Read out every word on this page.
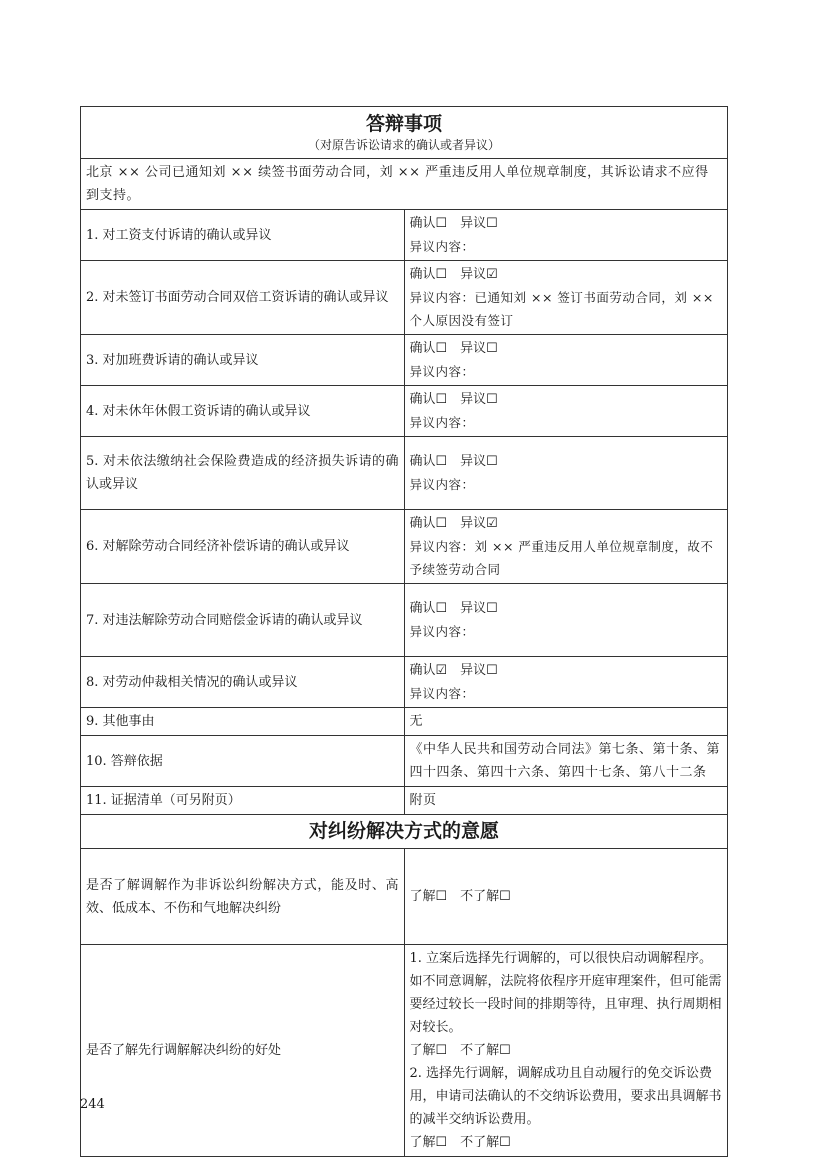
答辩事项
（对原告诉讼请求的确认或者异议）	

北京 ×× 公司已通知刘 ×× 续签书面劳动合同，刘 ×× 严重违反用人单位规章制度，其诉讼请求不应得到支持。	
1. 对工资支付诉请的确认或异议	确认☐　异议☐
异议内容：

2. 对未签订书面劳动合同双倍工资诉请的确认或异议	确认☐　异议☑
异议内容：已通知刘 ×× 签订书面劳动合同，刘 ×× 个人原因没有签订

3. 对加班费诉请的确认或异议	确认☐　异议☐
异议内容：

4. 对未休年休假工资诉请的确认或异议	确认☐　异议☐
异议内容：

5. 对未依法缴纳社会保险费造成的经济损失诉请的确认或异议	确认☐　异议☐
异议内容：

6. 对解除劳动合同经济补偿诉请的确认或异议	确认☐　异议☑
异议内容：刘 ×× 严重违反用人单位规章制度，故不予续签劳动合同

7. 对违法解除劳动合同赔偿金诉请的确认或异议	确认☐　异议☐
异议内容：

8. 对劳动仲裁相关情况的确认或异议	确认☑　异议☐
异议内容：

9. 其他事由	无
10. 答辩依据	《中华人民共和国劳动合同法》第七条、第十条、第四十四条、第四十六条、第四十七条、第八十二条
11. 证据清单（可另附页）	附页
对纠纷解决方式的意愿	
是否了解调解作为非诉讼纠纷解决方式，能及时、高效、低成本、不伤和气地解决纠纷	了解☐　不了解☐

是否了解先行调解解决纠纷的好处	1. 立案后选择先行调解的，可以很快启动调解程序。如不同意调解，法院将依程序开庭审理案件，但可能需要经过较长一段时间的排期等待，且审理、执行周期相对较长。
了解☐　不了解☐
2. 选择先行调解，调解成功且自动履行的免交诉讼费用，申请司法确认的不交纳诉讼费用，要求出具调解书的减半交纳诉讼费用。
了解☐　不了解☐
244
